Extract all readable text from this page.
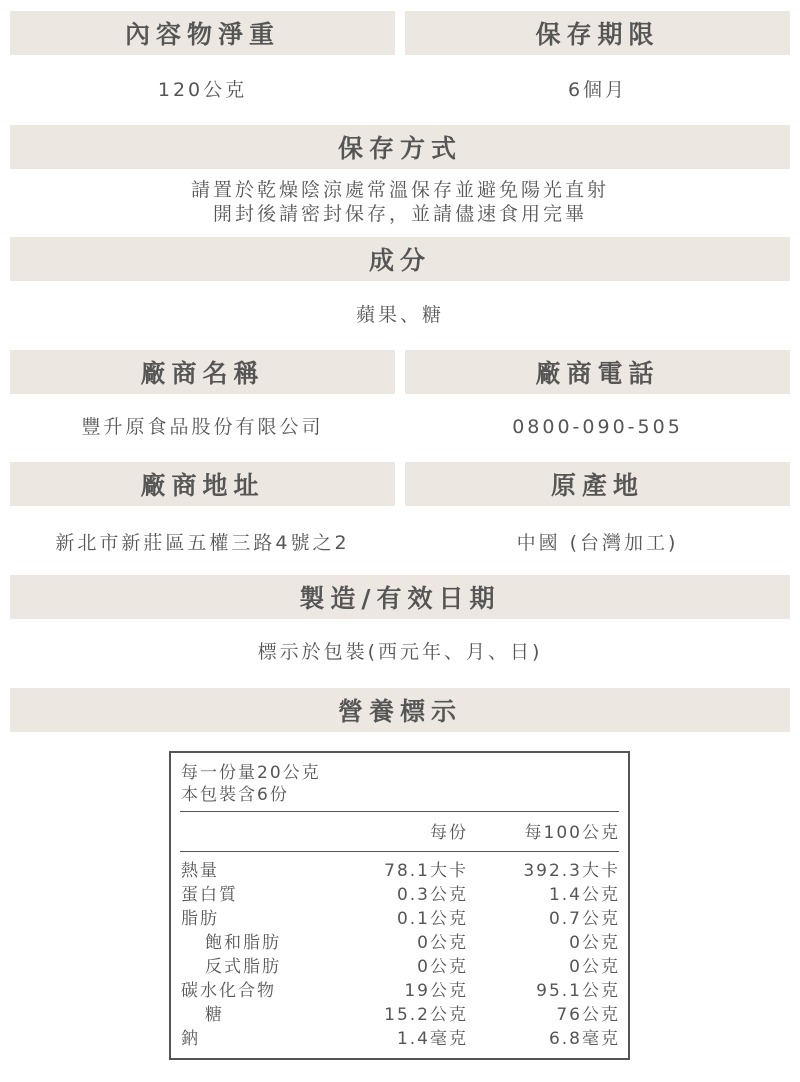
內容物淨重	保存期限
120公克	6個月
保存方式
請置於乾燥陰涼處常溫保存並避免陽光直射
開封後請密封保存，並請儘速食用完畢
成分
蘋果、糖
廠商名稱	廠商電話
豐升原食品股份有限公司	0800-090-505
廠商地址	原產地
新北市新莊區五權三路4號之2	中國 (台灣加工)
製造/有效日期
標示於包裝(西元年、月、日)
營養標示
每一份量20公克
本包裝含6份
每份	每100公克
熱量	78.1大卡	392.3大卡
蛋白質	0.3公克	1.4公克
脂肪	0.1公克	0.7公克
飽和脂肪	0公克	0公克
反式脂肪	0公克	0公克
碳水化合物	19公克	95.1公克
糖	15.2公克	76公克
鈉	1.4毫克	6.8毫克
